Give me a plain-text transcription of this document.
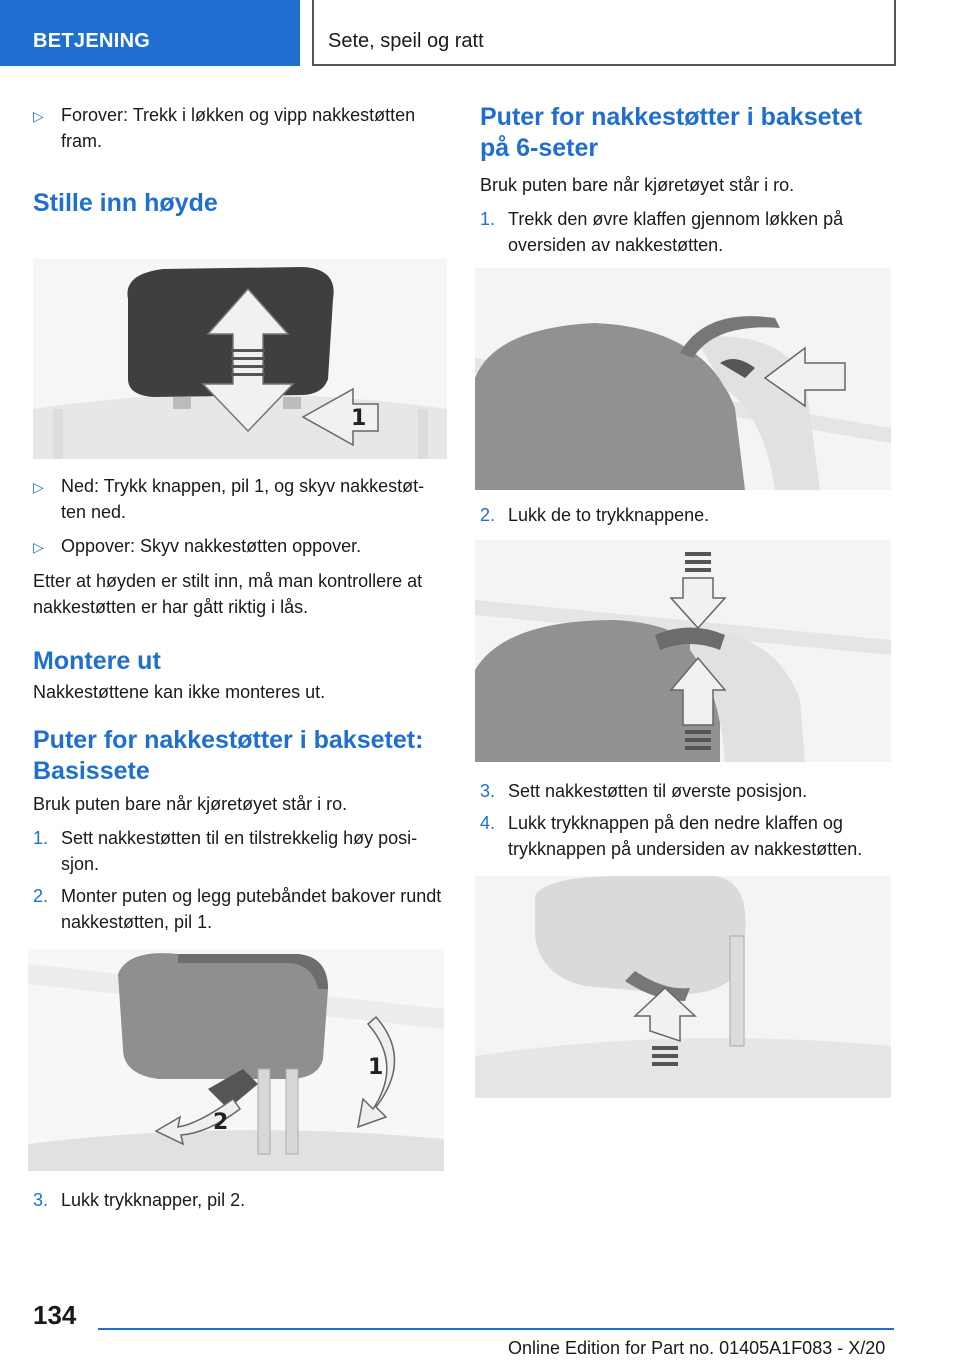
BETJENING	Sete, speil og ratt
▷ Forover: Trekk i løkken og vipp nakkestøtten fram.
Stille inn høyde
1
▷ Ned: Trykk knappen, pil 1, og skyv nakkestøt‐ten ned.
▷ Oppover: Skyv nakkestøtten oppover.
Etter at høyden er stilt inn, må man kontrollere at nakkestøtten er har gått riktig i lås.
Montere ut
Nakkestøttene kan ikke monteres ut.
Puter for nakkestøtter i baksetet: Basissete
Bruk puten bare når kjøretøyet står i ro.
1. Sett nakkestøtten til en tilstrekkelig høy posi‐sjon.
2. Monter puten og legg putebåndet bakover rundt nakkestøtten, pil 1.
1
2
3. Lukk trykknapper, pil 2.
Puter for nakkestøtter i baksetet på 6-seter
Bruk puten bare når kjøretøyet står i ro.
1. Trekk den øvre klaffen gjennom løkken på oversiden av nakkestøtten.
2. Lukk de to trykknappene.
3. Sett nakkestøtten til øverste posisjon.
4. Lukk trykknappen på den nedre klaffen og trykknappen på undersiden av nakkestøtten.
134
Online Edition for Part no. 01405A1F083 - X/20
